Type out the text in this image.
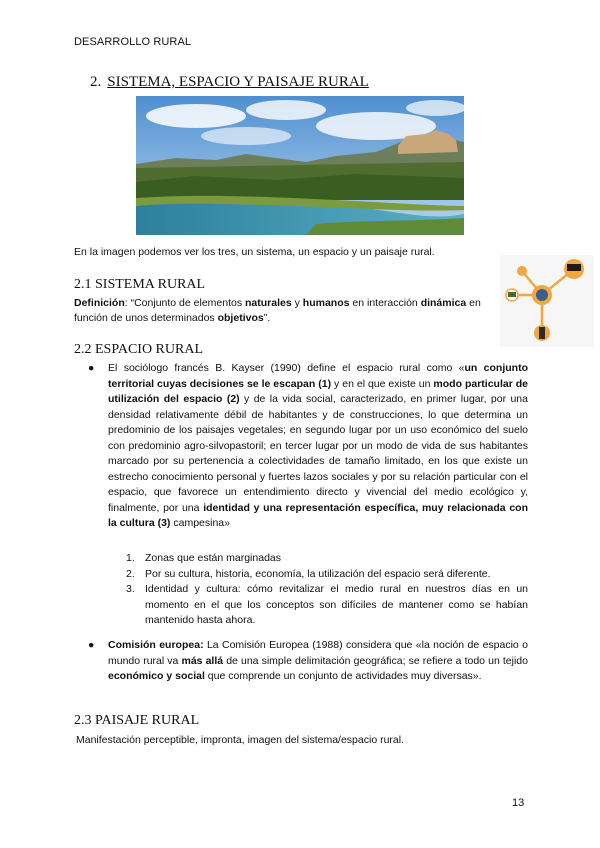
DESARROLLO RURAL
2. SISTEMA, ESPACIO Y PAISAJE RURAL
En la imagen podemos ver los tres, un sistema, un espacio y un paisaje rural.
2.1 SISTEMA RURAL
Definición: “Conjunto de elementos naturales y humanos en interacción dinámica en función de unos determinados objetivos”.
2.2 ESPACIO RURAL
● El sociólogo francés B. Kayser (1990) define el espacio rural como «un conjunto territorial cuyas decisiones se le escapan (1) y en el que existe un modo particular de utilización del espacio (2) y de la vida social, caracterizado, en primer lugar, por una densidad relativamente débil de habitantes y de construcciones, lo que determina un predominio de los paisajes vegetales; en segundo lugar por un uso económico del suelo con predominio agro-silvopastoril; en tercer lugar por un modo de vida de sus habitantes marcado por su pertenencia a colectividades de tamaño limitado, en los que existe un estrecho conocimiento personal y fuertes lazos sociales y por su relación particular con el espacio, que favorece un entendimiento directo y vivencial del medio ecológico y, finalmente, por una identidad y una representación específica, muy relacionada con la cultura (3) campesina»
1. Zonas que están marginadas
2. Por su cultura, historia, economía, la utilización del espacio será diferente.
3. Identidad y cultura: cómo revitalizar el medio rural en nuestros días en un momento en el que los conceptos son difíciles de mantener como se habían mantenido hasta ahora.
● Comisión europea: La Comisión Europea (1988) considera que «la noción de espacio o mundo rural va más allá de una simple delimitación geográfica; se refiere a todo un tejido económico y social que comprende un conjunto de actividades muy diversas».
2.3 PAISAJE RURAL
Manifestación perceptible, impronta, imagen del sistema/espacio rural.
13
